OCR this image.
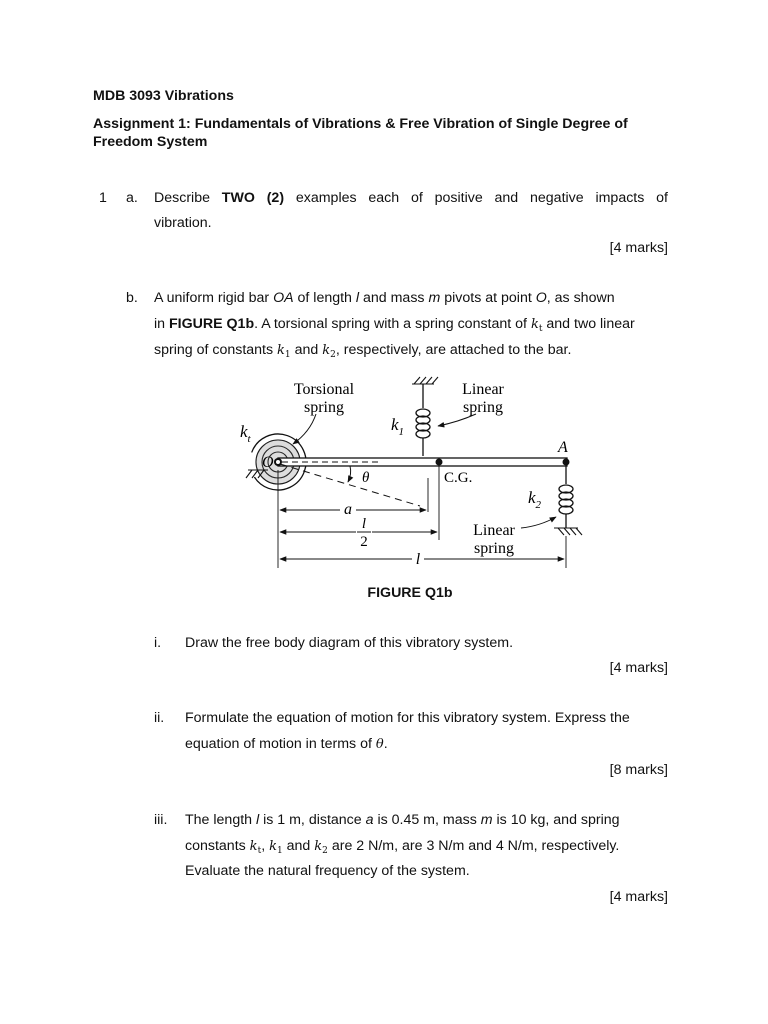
MDB 3093 Vibrations
Assignment 1: Fundamentals of Vibrations & Free Vibration of Single Degree of
Freedom System
1 a. Describe TWO (2) examples each of positive and negative impacts of
vibration.
[4 marks]
b. A uniform rigid bar OA of length l and mass m pivots at point O, as shown
in FIGURE Q1b. A torsional spring with a spring constant of $k_t$ and two linear
spring of constants $k_1$ and $k_2$, respectively, are attached to the bar.
Torsional
spring
Linear
spring
$k_t$
$k_1$
O
A
C.G.
θ
$k_2$
Linear
spring
a
l
2
l
FIGURE Q1b
i. Draw the free body diagram of this vibratory system.
[4 marks]
ii. Formulate the equation of motion for this vibratory system. Express the
equation of motion in terms of θ.
[8 marks]
iii. The length l is 1 m, distance a is 0.45 m, mass m is 10 kg, and spring
constants $k_t$, $k_1$ and $k_2$ are 2 N/m, are 3 N/m and 4 N/m, respectively.
Evaluate the natural frequency of the system.
[4 marks]
